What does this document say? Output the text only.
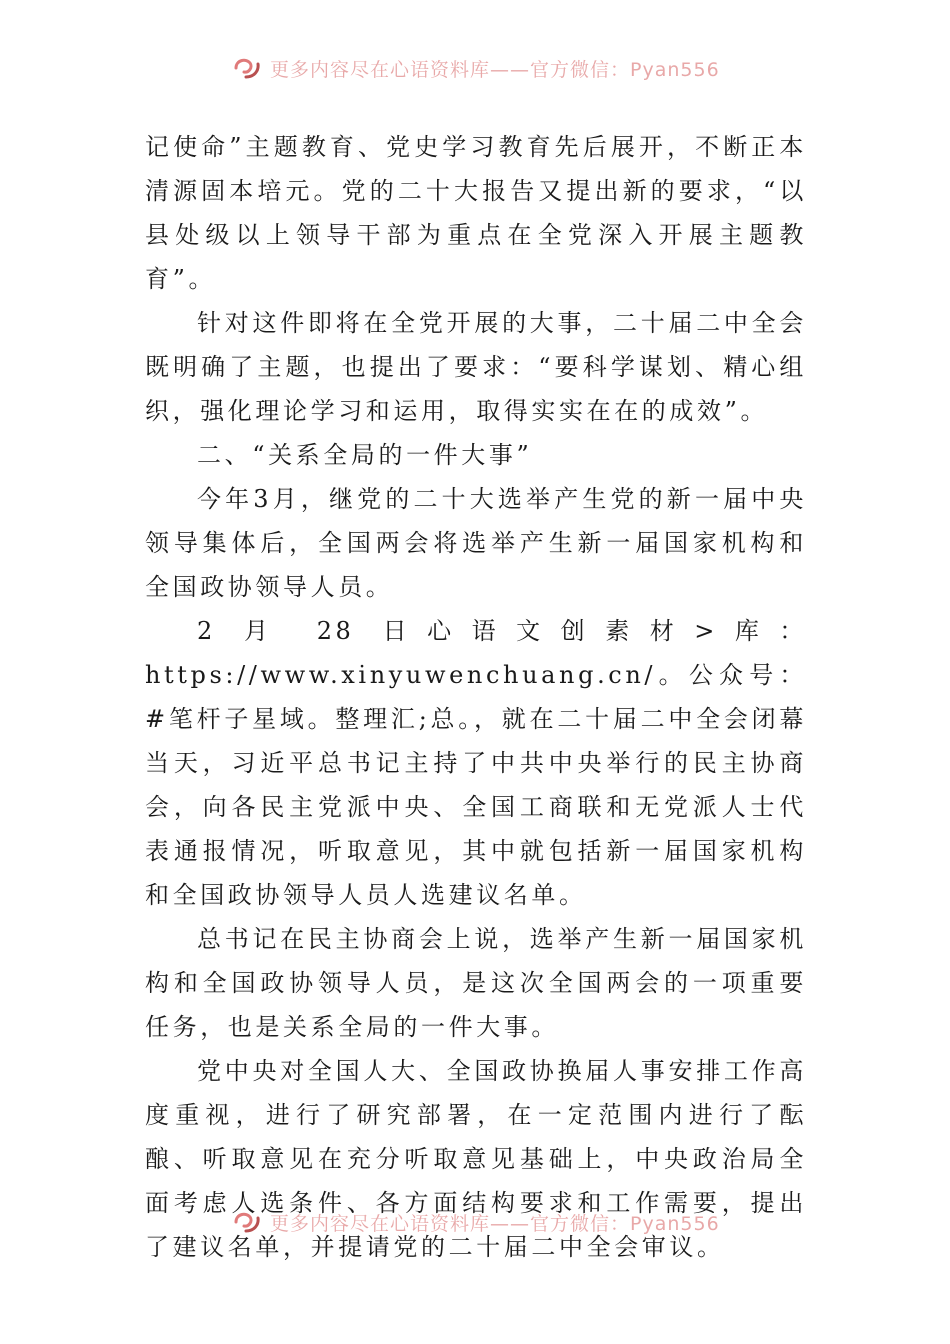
更多内容尽在心语资料库——官方微信：Pyan556

记使命”主题教育、党史学习教育先后展开，不断正本清源固本培元。党的二十大报告又提出新的要求，“以县处级以上领导干部为重点在全党深入开展主题教育”。

针对这件即将在全党开展的大事，二十届二中全会既明确了主题，也提出了要求：“要科学谋划、精心组织，强化理论学习和运用，取得实实在在的成效”。

二、“关系全局的一件大事”

今年3月，继党的二十大选举产生党的新一届中央领导集体后，全国两会将选举产生新一届国家机构和全国政协领导人员。

2 月 28 日心语文创素材>库：https://www.xinyuwenchuang.cn/。公众号：#笔杆子星域。整理汇;总。，就在二十届二中全会闭幕当天，习近平总书记主持了中共中央举行的民主协商会，向各民主党派中央、全国工商联和无党派人士代表通报情况，听取意见，其中就包括新一届国家机构和全国政协领导人员人选建议名单。

总书记在民主协商会上说，选举产生新一届国家机构和全国政协领导人员，是这次全国两会的一项重要任务，也是关系全局的一件大事。

党中央对全国人大、全国政协换届人事安排工作高度重视，进行了研究部署，在一定范围内进行了酝酿、听取意见在充分听取意见基础上，中央政治局全面考虑人选条件、各方面结构要求和工作需要，提出了建议名单，并提请党的二十届二中全会审议。

更多内容尽在心语资料库——官方微信：Pyan556
